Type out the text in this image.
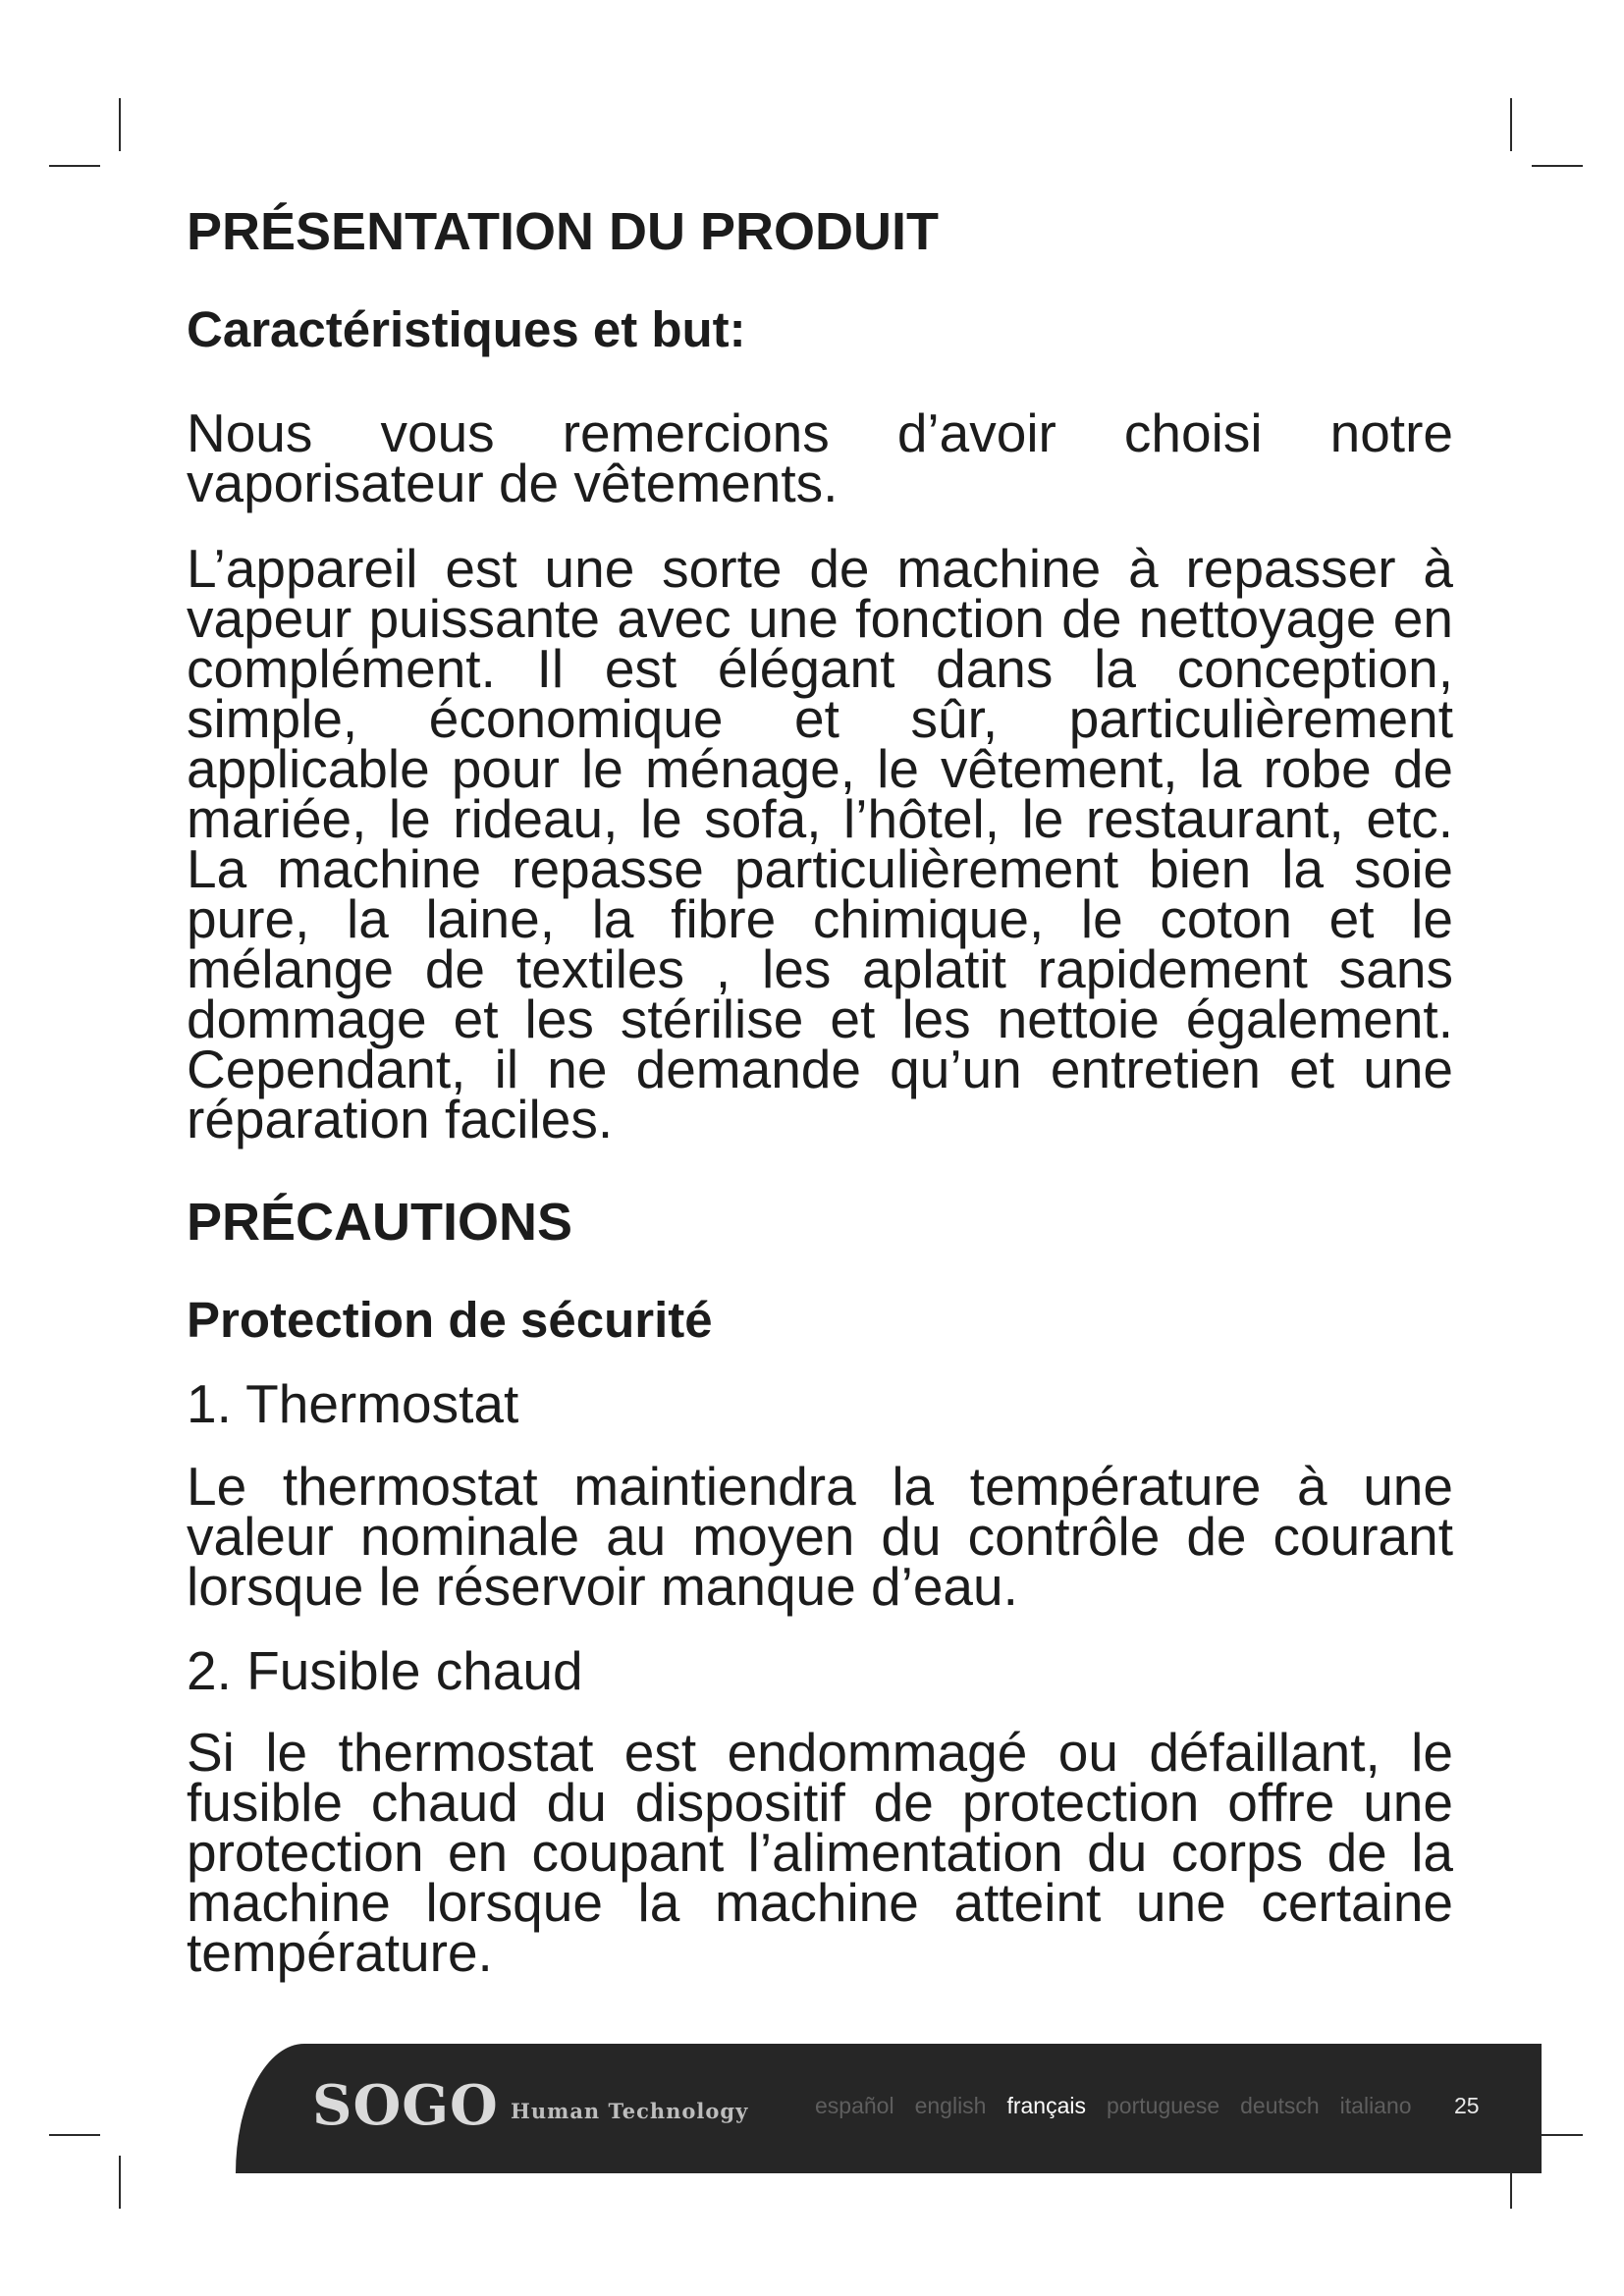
PRÉSENTATION DU PRODUIT
Caractéristiques et but:

Nous vous remercions d’avoir choisi notre vaporisateur de vêtements.

L’appareil est une sorte de machine à repasser à vapeur puissante avec une fonction de nettoyage en complément. Il est élégant dans la conception, simple, économique et sûr, particulièrement applicable pour le ménage, le vêtement, la robe de mariée, le rideau, le sofa, l’hôtel, le restaurant, etc. La machine repasse particulièrement bien la soie pure, la laine, la fibre chimique, le coton et le mélange de textiles , les aplatit rapidement sans dommage et les stérilise et les nettoie également. Cependant, il ne demande qu’un entretien et une réparation faciles.

PRÉCAUTIONS
Protection de sécurité
1. Thermostat

Le thermostat maintiendra la température à une valeur nominale au moyen du contrôle de courant lorsque le réservoir manque d’eau.

2. Fusible chaud

Si le thermostat est endommagé ou défaillant, le fusible chaud du dispositif de protection offre une protection en coupant l’alimentation du corps de la machine lorsque la machine atteint une certaine température.

SOGO Human Technology	español english français portuguese deutsch italiano 25
